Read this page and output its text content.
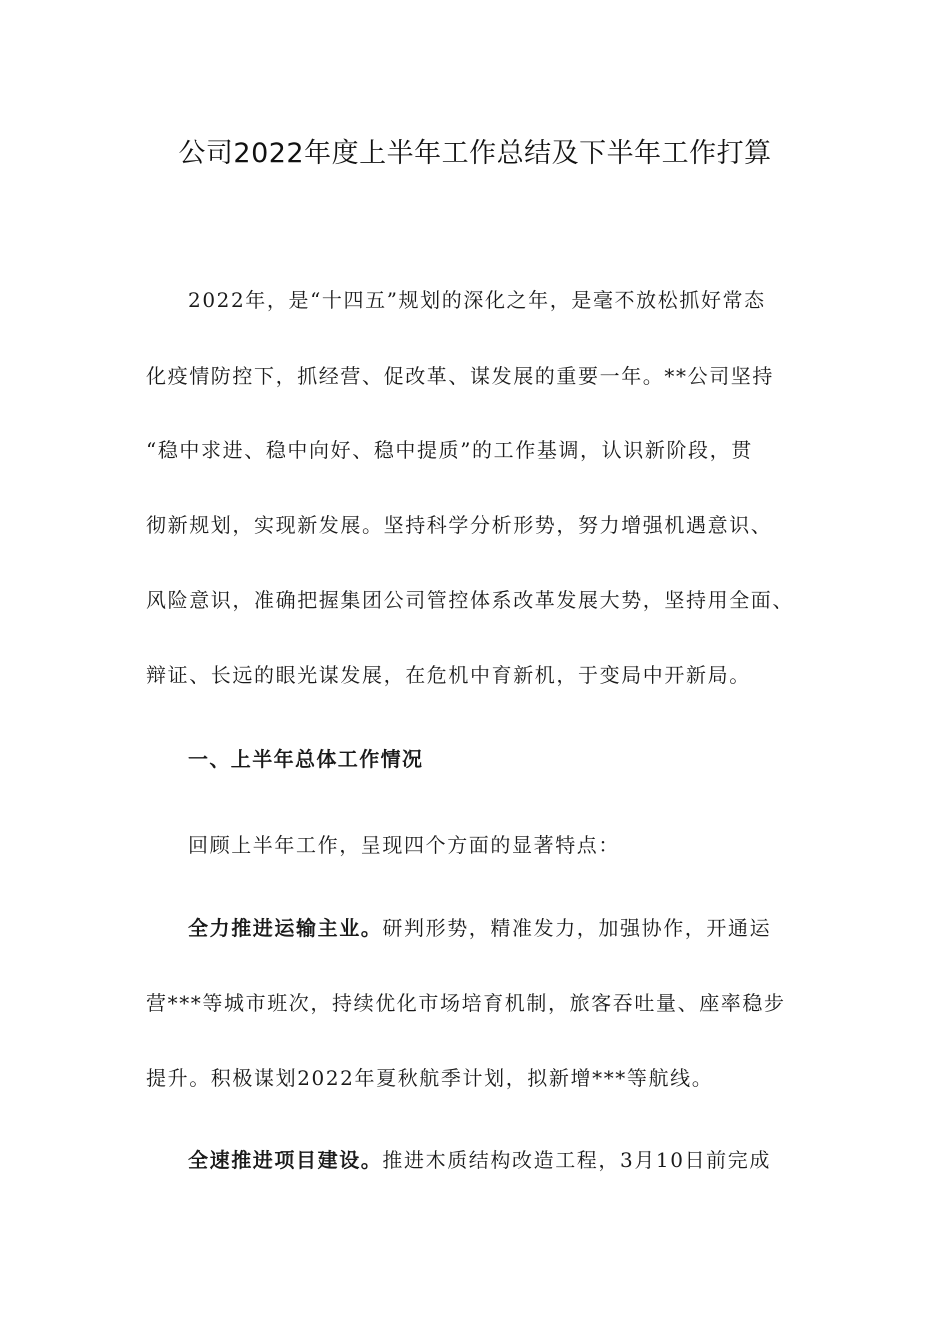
公司2022年度上半年工作总结及下半年工作打算
2022年，是“十四五”规划的深化之年，是毫不放松抓好常态
化疫情防控下，抓经营、促改革、谋发展的重要一年。**公司坚持
“稳中求进、稳中向好、稳中提质”的工作基调，认识新阶段，贯
彻新规划，实现新发展。坚持科学分析形势，努力增强机遇意识、
风险意识，准确把握集团公司管控体系改革发展大势，坚持用全面、
辩证、长远的眼光谋发展，在危机中育新机，于变局中开新局。
一、上半年总体工作情况
回顾上半年工作，呈现四个方面的显著特点：
全力推进运输主业。研判形势，精准发力，加强协作，开通运
营***等城市班次，持续优化市场培育机制，旅客吞吐量、座率稳步
提升。积极谋划2022年夏秋航季计划，拟新增***等航线。
全速推进项目建设。推进木质结构改造工程，3月10日前完成
